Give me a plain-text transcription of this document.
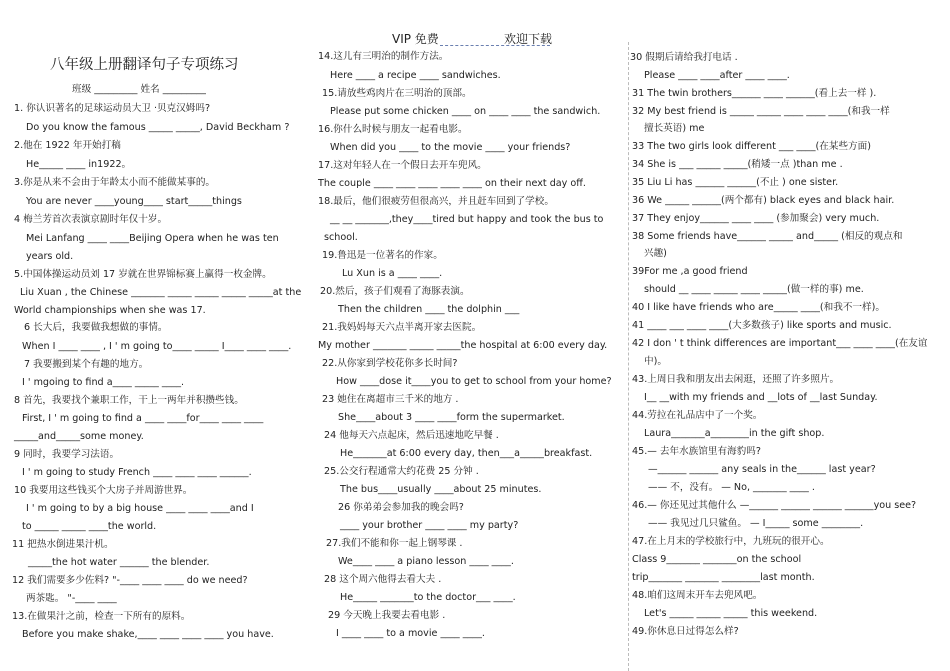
VIP 免费	欢迎下载
八年级上册翻译句子专项练习
班级 _________ 姓名 _________
1. 你认识著名的足球运动员大卫 ·贝克汉姆吗?
Do you know the famous _____ _____, David Beckham ?
2.他在 1922 年开始打稿
He_____ ____ in1922。
3.你是从来不会由于年龄太小而不能做某事的。
You are never ____young____ start_____things
4 梅兰芳首次表演京剧时年仅十岁。
Mei Lanfang ____ ____Beijing Opera when he was ten
years old.
5.中国体操运动员刘 17 岁就在世界锦标赛上赢得一枚金牌。
Liu Xuan , the Chinese _______ _____ _____ _____ _____at the
World championships when she was 17.
6 长大后，我要做我想做的事情。
When I ____ ____ , I ' m going to____ _____ I____ ____ ____.
7 我要搬到某个有趣的地方。
I ' mgoing to find a____ _____ ____.
8 首先，我要找个兼职工作，干上一两年并积攒些钱。
First, I ' m going to find a ____ ____for____ ____ ____
_____and_____some money.
9 同时，我要学习法语。
I ' m going to study French ____ ____ ____ ______.
10 我要用这些钱买个大房子并周游世界。
I ' m going to by a big house ____ ____ ____and I
to _____ _____ ____the world.
11 把热水倒进果汁机。
_____the hot water ______ the blender.
12 我们需要多少佐料? "-____ ____ ____ do we need?
两茶匙。 "-____ ____
13.在做果汁之前，检查一下所有的原料。
Before you make shake,____ ____ ____ ____ you have.
14.这儿有三明治的制作方法。
Here ____ a recipe ____ sandwiches.
15.请放些鸡肉片在三明治的顶部。
Please put some chicken ____ on ____ ____ the sandwich.
16.你什么时候与朋友一起看电影。
When did you ____ to the movie ____ your friends?
17.这对年轻人在一个假日去开车兜风。
The couple ____ ____ ____ ____ ____ on their next day off.
18.最后，他们很疲劳但很高兴，并且赶车回到了学校。
__ __ _______,they____tired but happy and took the bus to
school.
19.鲁迅是一位著名的作家。
Lu Xun is a ____ ____.
20.然后，孩子们观看了海豚表演。
Then the children ____ the dolphin ___
21.我妈妈每天六点半离开家去医院。
My mother _______ _____ _____the hospital at 6:00 every day.
22.从你家到学校花你多长时间?
How ____dose it____you to get to school from your home?
23 她住在离超市三千米的地方 .
She____about 3 ____ ____form the supermarket.
24 他每天六点起床，然后迅速地吃早餐 .
He_______at 6:00 every day, then___a_____breakfast.
25.公交行程通常大约花费 25 分钟 .
The bus____usually ____about 25 minutes.
26 你弟弟会参加我的晚会吗?
____ your brother ____ ____ my party?
27.我们不能和你一起上钢琴课 .
We____ ____ a piano lesson ____ ____.
28 这个周六他得去看大夫 .
He_____ _______to the doctor___ ____.
29 今天晚上我要去看电影 .
I ____ ____ to a movie ____ ____.
30 假期后请给我打电话 .
Please ____ ____after ____ ____.
31 The twin brothers______ ____ ______(看上去一样 ).
32 My best friend is _____ _____ ____ ____ ____(和我一样
擅长英语) me
33 The two girls look different ___ ____(在某些方面)
34 She is ___ _____ _____(稍矮一点 )than me .
35 Liu Li has ______ ______(不止 ) one sister.
36 We _____ ______(两个都有) black eyes and black hair.
37 They enjoy______ ____ ____ (参加聚会) very much.
38 Some friends have______ _____ and_____ (相反的观点和
兴趣)
39For me ,a good friend
should __ ____ _____ ____ _____(做一样的事) me.
40 I like have friends who are_____ ____(和我不一样)。
41 ____ ___ ____ ____(大多数孩子) like sports and music.
42 I don ' t think differences are important___ ____ ____(在友谊
中)。
43.上周日我和朋友出去闲逛，还照了许多照片。
I__ __with my friends and __lots of __last Sunday.
44.劳拉在礼品店中了一个奖。
Laura_______a________in the gift shop.
45.— 去年水族馆里有海豹吗?
—______ ______ any seals in the______ last year?
—— 不，没有。 — No, _______ ____ .
46.— 你还见过其他什么 —______ ______ ______ ______you see?
—— 我见过几只鲨鱼。 — I_____ some ________.
47.在上月末的学校旅行中，九班玩的很开心。
Class 9_______ _______on the school
trip_______ _______ ________last month.
48.咱们这周末开车去兜风吧。
Let's _____ _____ _____ this weekend.
49.你休息日过得怎么样?
